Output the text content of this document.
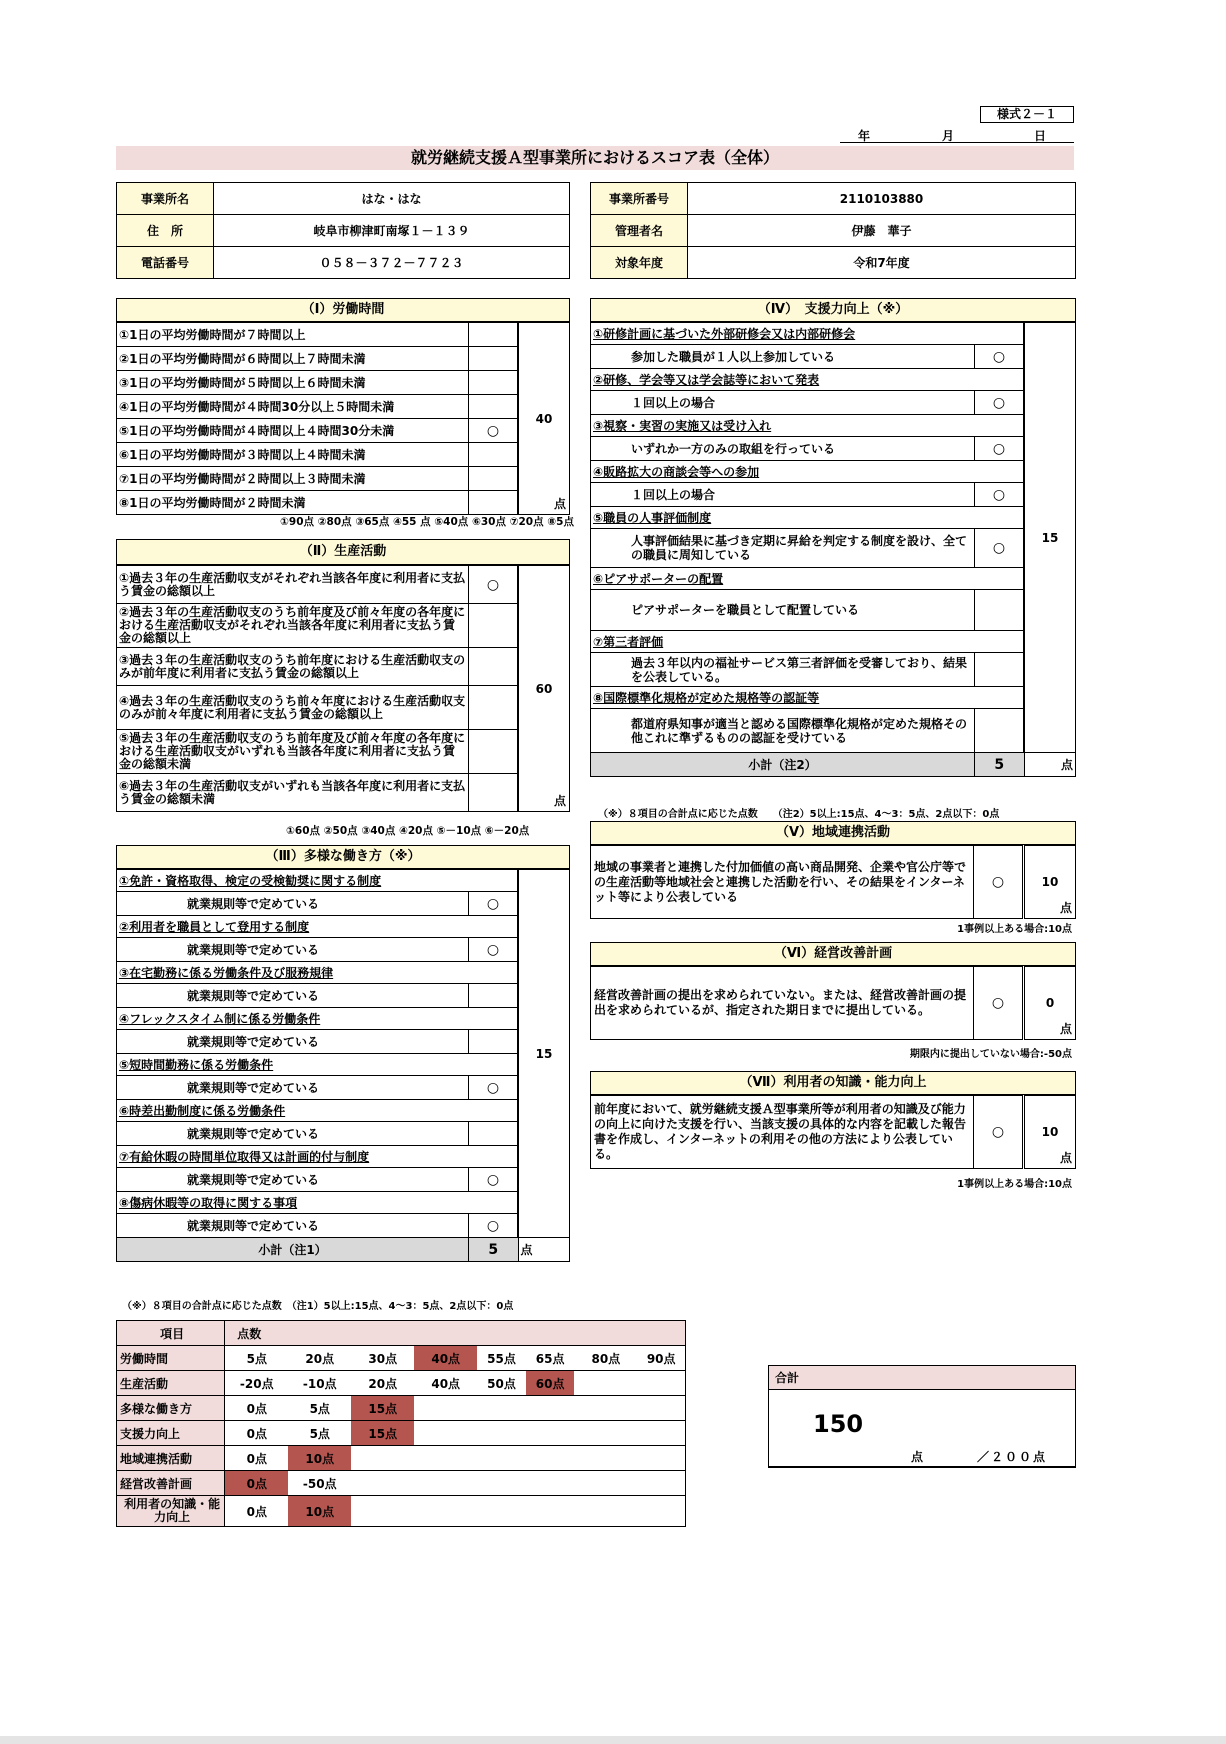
様式２－１
年	月	日
就労継続支援Ａ型事業所におけるスコア表（全体）
事業所名	はな・はな
住　所	岐阜市柳津町南塚１－１３９
電話番号	０５８－３７２－７７２３
事業所番号	2110103880
管理者名	伊藤　華子
対象年度	令和7年度
（Ⅰ）労働時間
①1日の平均労働時間が７時間以上		40
点

②1日の平均労働時間が６時間以上７時間未満		
③1日の平均労働時間が５時間以上６時間未満		
④1日の平均労働時間が４時間30分以上５時間未満		
⑤1日の平均労働時間が４時間以上４時間30分未満	○	
⑥1日の平均労働時間が３時間以上４時間未満		
⑦1日の平均労働時間が２時間以上３時間未満		
⑧1日の平均労働時間が２時間未満		
①90点 ②80点 ③65点 ④55 点 ⑤40点 ⑥30点 ⑦20点 ⑧5点
（Ⅱ）生産活動
①過去３年の生産活動収支がそれぞれ当該各年度に利用者に支払う賃金の総額以上	○	60
点

②過去３年の生産活動収支のうち前年度及び前々年度の各年度における生産活動収支がそれぞれ当該各年度に利用者に支払う賃金の総額以上		
③過去３年の生産活動収支のうち前年度における生産活動収支のみが前年度に利用者に支払う賃金の総額以上		
④過去３年の生産活動収支のうち前々年度における生産活動収支のみが前々年度に利用者に支払う賃金の総額以上		
⑤過去３年の生産活動収支のうち前年度及び前々年度の各年度における生産活動収支がいずれも当該各年度に利用者に支払う賃金の総額未満		
⑥過去３年の生産活動収支がいずれも当該各年度に利用者に支払う賃金の総額未満		
①60点 ②50点 ③40点 ④20点 ⑤－10点 ⑥－20点
（Ⅲ）多様な働き方（※）
①免許・資格取得、検定の受検勧奨に関する制度		15
就業規則等で定めている	○	
②利用者を職員として登用する制度		
就業規則等で定めている	○	
③在宅勤務に係る労働条件及び服務規律		
就業規則等で定めている		
④フレックスタイム制に係る労働条件		
就業規則等で定めている		
⑤短時間勤務に係る労働条件		
就業規則等で定めている	○	
⑥時差出勤制度に係る労働条件		
就業規則等で定めている		
⑦有給休暇の時間単位取得又は計画的付与制度		
就業規則等で定めている	○	
⑧傷病休暇等の取得に関する事項		
就業規則等で定めている	○	
小計（注1）	5	点
（※）８項目の合計点に応じた点数　（注1）5以上:15点、4～3：5点、2点以下：0点
（Ⅳ）　支援力向上（※）
①研修計画に基づいた外部研修会又は内部研修会		15
参加した職員が１人以上参加している	○	
②研修、学会等又は学会誌等において発表		
１回以上の場合	○	
③視察・実習の実施又は受け入れ		
いずれか一方のみの取組を行っている	○	
④販路拡大の商談会等への参加		
１回以上の場合	○	
⑤職員の人事評価制度		
人事評価結果に基づき定期に昇給を判定する制度を設け、全ての職員に周知している	○	
⑥ピアサポーターの配置		
ピアサポーターを職員として配置している		
⑦第三者評価		
過去３年以内の福祉サービス第三者評価を受審しており、結果を公表している。		
⑧国際標準化規格が定めた規格等の認証等		
都道府県知事が適当と認める国際標準化規格が定めた規格その他これに準ずるものの認証を受けている		
小計（注2）	5	点
（※）８項目の合計点に応じた点数　　（注2）5以上:15点、4～3：5点、2点以下：0点
（Ⅴ）地域連携活動
地域の事業者と連携した付加価値の高い商品開発、企業や官公庁等での生産活動等地域社会と連携した活動を行い、その結果をインターネット等により公表している	○	10
点
1事例以上ある場合:10点
（Ⅵ）経営改善計画
経営改善計画の提出を求められていない。または、経営改善計画の提出を求められているが、指定された期日までに提出している。	○	0
点
期限内に提出していない場合:-50点
（Ⅶ）利用者の知識・能力向上
前年度において、就労継続支援Ａ型事業所等が利用者の知識及び能力の向上に向けた支援を行い、当該支援の具体的な内容を記載した報告書を作成し、インターネットの利用その他の方法により公表している。	○	10
点
1事例以上ある場合:10点
項目	点数							
労働時間	5点	20点	30点	40点	55点	65点	80点	90点
生産活動	-20点	-10点	20点	40点	50点	60点		
多様な働き方	0点	5点	15点					
支援力向上	0点	5点	15点					
地域連携活動	0点	10点						
経営改善計画	0点	-50点						
利用者の知識・能力向上	0点	10点						
合計
150
点	／２００点
